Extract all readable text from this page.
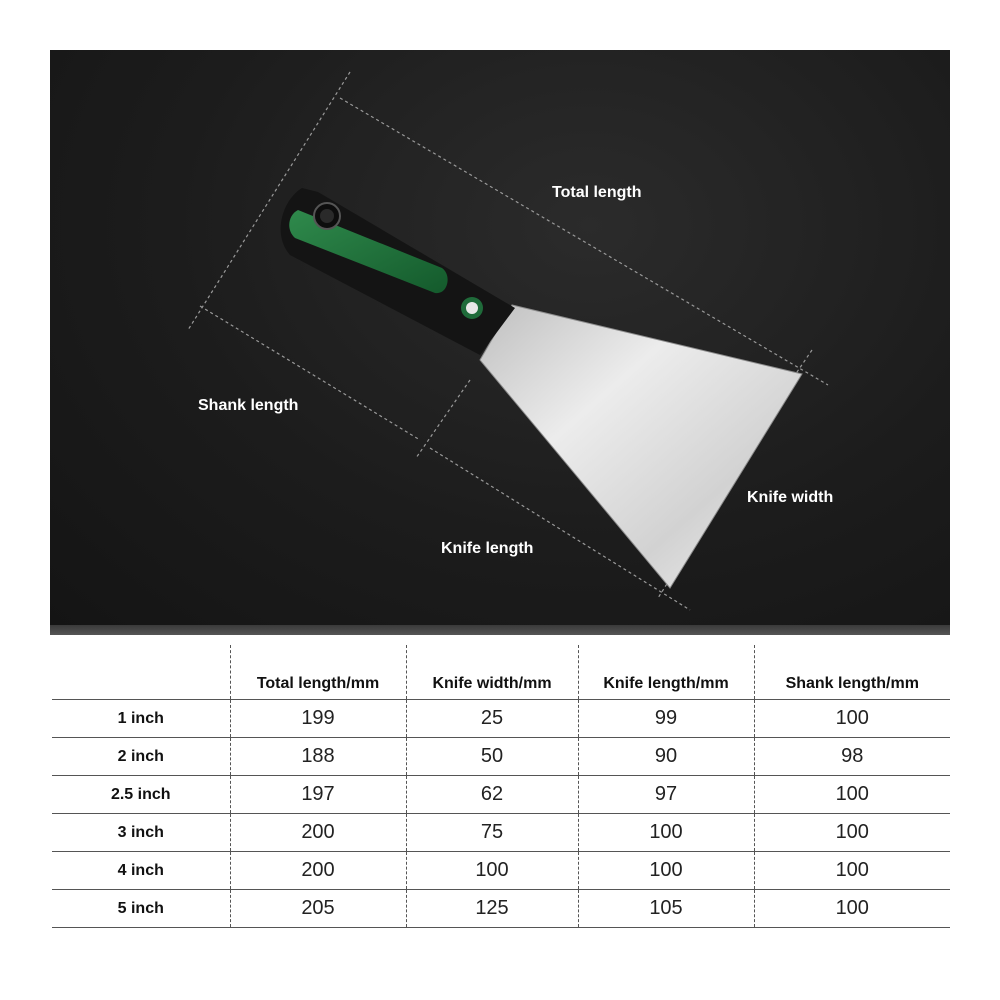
Total length
Shank length
Knife length
Knife width
	Total length/mm	Knife width/mm	Knife length/mm	Shank length/mm
1 inch	199	25	99	100
2 inch	188	50	90	98
2.5 inch	197	62	97	100
3 inch	200	75	100	100
4 inch	200	100	100	100
5 inch	205	125	105	100
